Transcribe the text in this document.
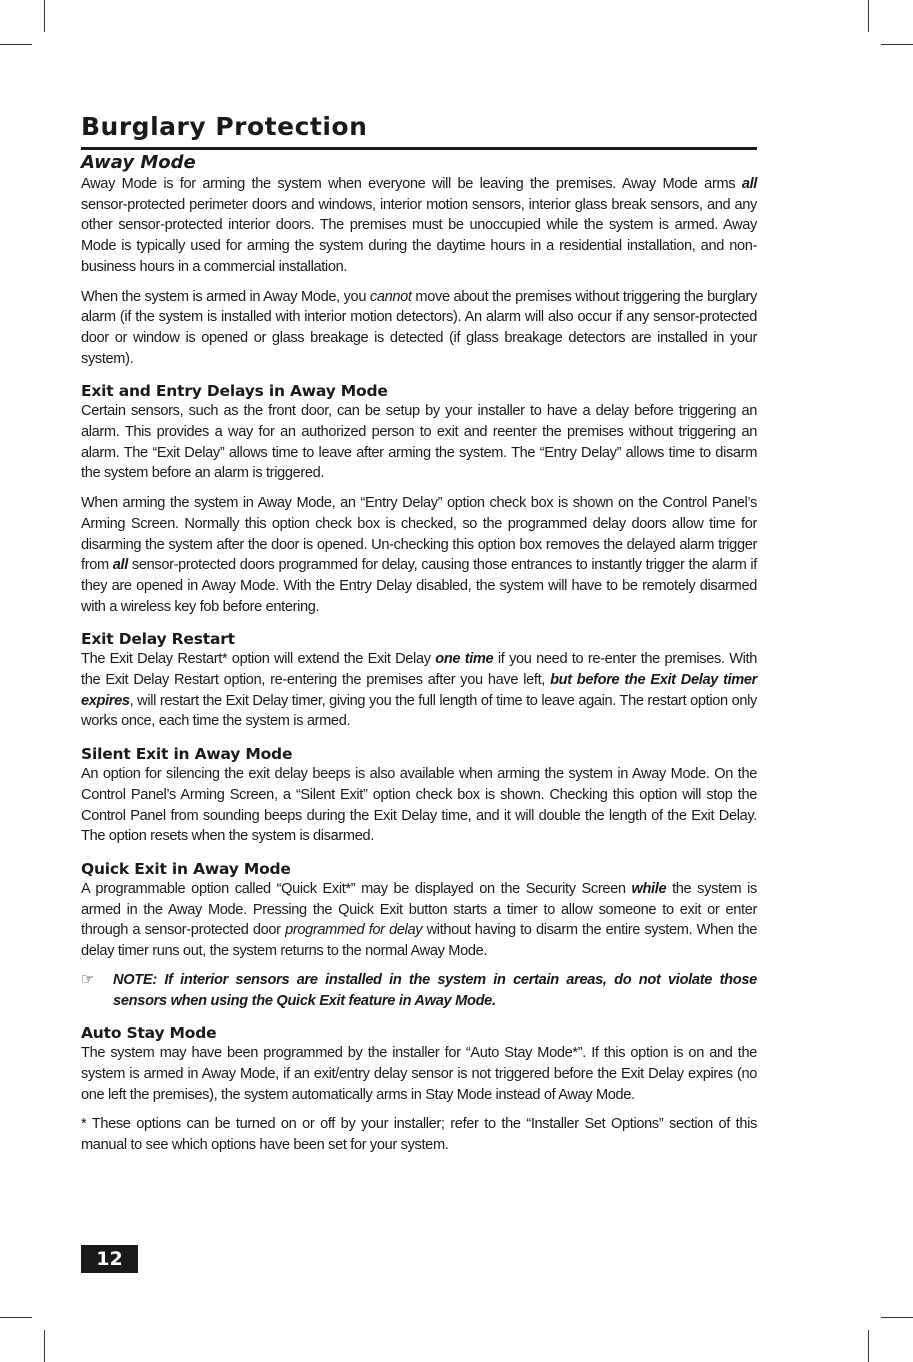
Burglary Protection
Away Mode

Away Mode is for arming the system when everyone will be leaving the premises. Away Mode arms all sensor-protected perimeter doors and windows, interior motion sensors, interior glass break sensors, and any other sensor-protected interior doors. The premises must be unoccupied while the system is armed. Away Mode is typically used for arming the system during the daytime hours in a residential installation, and non-business hours in a commercial installation.

When the system is armed in Away Mode, you cannot move about the premises without triggering the burglary alarm (if the system is installed with interior motion detectors). An alarm will also occur if any sensor-protected door or window is opened or glass breakage is detected (if glass breakage detectors are installed in your system).

Exit and Entry Delays in Away Mode

Certain sensors, such as the front door, can be setup by your installer to have a delay before triggering an alarm. This provides a way for an authorized person to exit and reenter the premises without triggering an alarm. The “Exit Delay” allows time to leave after arming the system. The “Entry Delay” allows time to disarm the system before an alarm is triggered.

When arming the system in Away Mode, an “Entry Delay” option check box is shown on the Control Panel’s Arming Screen. Normally this option check box is checked, so the programmed delay doors allow time for disarming the system after the door is opened. Un-checking this option box removes the delayed alarm trigger from all sensor-protected doors programmed for delay, causing those entrances to instantly trigger the alarm if they are opened in Away Mode. With the Entry Delay disabled, the system will have to be remotely disarmed with a wireless key fob before entering.

Exit Delay Restart

The Exit Delay Restart* option will extend the Exit Delay one time if you need to re-enter the premises. With the Exit Delay Restart option, re-entering the premises after you have left, but before the Exit Delay timer expires, will restart the Exit Delay timer, giving you the full length of time to leave again. The restart option only works once, each time the system is armed.

Silent Exit in Away Mode

An option for silencing the exit delay beeps is also available when arming the system in Away Mode. On the Control Panel’s Arming Screen, a “Silent Exit” option check box is shown. Checking this option will stop the Control Panel from sounding beeps during the Exit Delay time, and it will double the length of the Exit Delay. The option resets when the system is disarmed.

Quick Exit in Away Mode

A programmable option called “Quick Exit*” may be displayed on the Security Screen while the system is armed in the Away Mode. Pressing the Quick Exit button starts a timer to allow someone to exit or enter through a sensor-protected door programmed for delay without having to disarm the entire system. When the delay timer runs out, the system returns to the normal Away Mode.

☞	NOTE: If interior sensors are installed in the system in certain areas, do not violate those sensors when using the Quick Exit feature in Away Mode.
Auto Stay Mode

The system may have been programmed by the installer for “Auto Stay Mode*”. If this option is on and the system is armed in Away Mode, if an exit/entry delay sensor is not triggered before the Exit Delay expires (no one left the premises), the system automatically arms in Stay Mode instead of Away Mode.

* These options can be turned on or off by your installer; refer to the “Installer Set Options” section of this manual to see which options have been set for your system.

12
